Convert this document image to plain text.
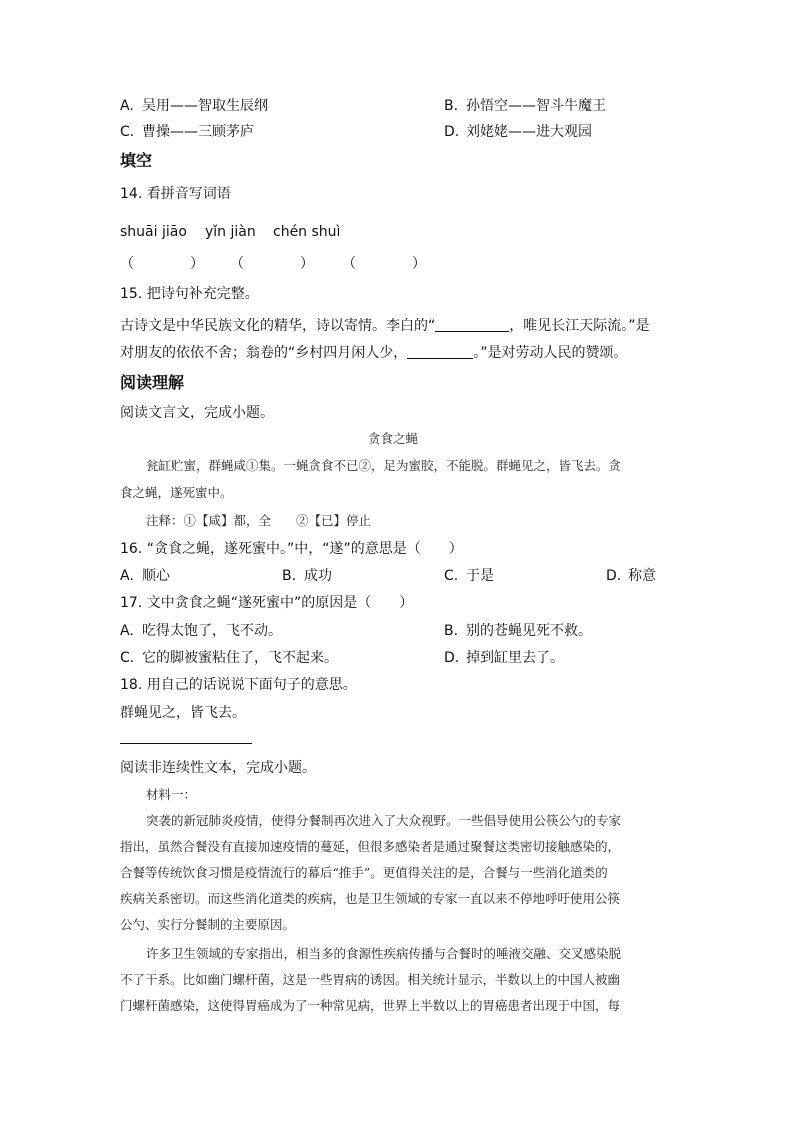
A. 吴用——智取生辰纲	B. 孙悟空——智斗牛魔王
C. 曹操——三顾茅庐	D. 刘姥姥——进大观园
填空
14. 看拼音写词语
shuāi jiāo yǐn jiàn chén shuì
（	） （	） （	）
15. 把诗句补充完整。
古诗文是中华民族文化的精华，诗以寄情。李白的“	，唯见长江天际流。”是
对朋友的依依不舍；翁卷的“乡村四月闲人少，	。”是对劳动人民的赞颂。
阅读理解
阅读文言文，完成小题。
贪食之蝇
瓮缸贮蜜，群蝇咸①集。一蝇贪食不已②，足为蜜胶，不能脱。群蝇见之，皆飞去。贪
食之蝇，遂死蜜中。
注释：①【咸】都，全　　②【已】停止
16. “贪食之蝇，遂死蜜中。”中，“遂”的意思是（　　）
A. 顺心	B. 成功	C. 于是	D. 称意
17. 文中贪食之蝇“遂死蜜中”的原因是（　　）
A. 吃得太饱了，飞不动。	B. 别的苍蝇见死不救。
C. 它的脚被蜜粘住了，飞不起来。	D. 掉到缸里去了。
18. 用自己的话说说下面句子的意思。
群蝇见之，皆飞去。
阅读非连续性文本，完成小题。
材料一：
突袭的新冠肺炎疫情，使得分餐制再次进入了大众视野。一些倡导使用公筷公勺的专家
指出，虽然合餐没有直接加速疫情的蔓延，但很多感染者是通过聚餐这类密切接触感染的，
合餐等传统饮食习惯是疫情流行的幕后“推手”。更值得关注的是，合餐与一些消化道类的
疾病关系密切。而这些消化道类的疾病，也是卫生领域的专家一直以来不停地呼吁使用公筷
公勺、实行分餐制的主要原因。
许多卫生领域的专家指出，相当多的食源性疾病传播与合餐时的唾液交融、交叉感染脱
不了干系。比如幽门螺杆菌，这是一些胃病的诱因。相关统计显示，半数以上的中国人被幽
门螺杆菌感染，这使得胃癌成为了一种常见病，世界上半数以上的胃癌患者出现于中国，每
